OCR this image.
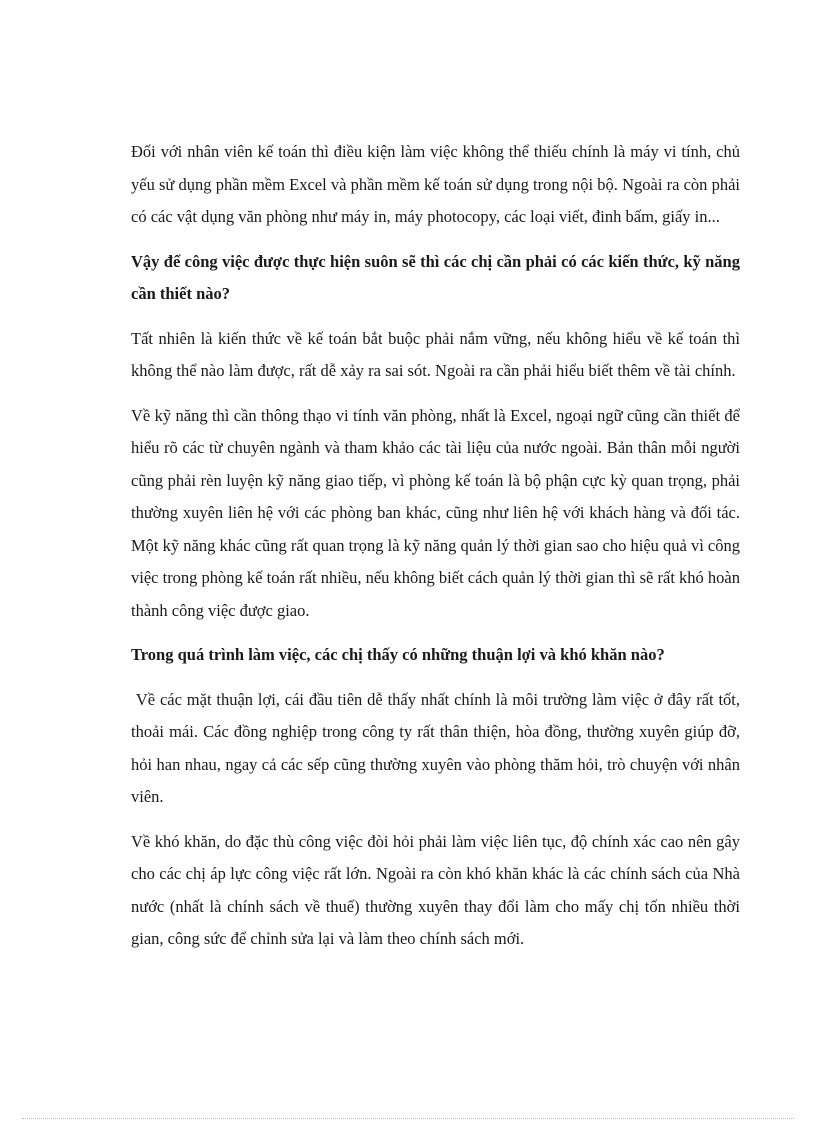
Đối với nhân viên kế toán thì điều kiện làm việc không thể thiếu chính là máy vi tính, chủ yếu sử dụng phần mềm Excel và phần mềm kế toán sử dụng trong nội bộ. Ngoài ra còn phải có các vật dụng văn phòng như máy in, máy photocopy, các loại viết, đinh bấm, giấy in...

Vậy để công việc được thực hiện suôn sẽ thì các chị cần phải có các kiến thức, kỹ năng cần thiết nào?

Tất nhiên là kiến thức về kế toán bắt buộc phải nắm vững, nếu không hiểu về kế toán thì không thể nào làm được, rất dễ xảy ra sai sót. Ngoài ra cần phải hiểu biết thêm về tài chính.

Về kỹ năng thì cần thông thạo vi tính văn phòng, nhất là Excel, ngoại ngữ cũng cần thiết để hiểu rõ các từ chuyên ngành và tham khảo các tài liệu của nước ngoài. Bản thân mỗi người cũng phải rèn luyện kỹ năng giao tiếp, vì phòng kế toán là bộ phận cực kỳ quan trọng, phải thường xuyên liên hệ với các phòng ban khác, cũng như liên hệ với khách hàng và đối tác. Một kỹ năng khác cũng rất quan trọng là kỹ năng quản lý thời gian sao cho hiệu quả vì công việc trong phòng kế toán rất nhiều, nếu không biết cách quản lý thời gian thì sẽ rất khó hoàn thành công việc được giao.

Trong quá trình làm việc, các chị thấy có những thuận lợi và khó khăn nào?

Về các mặt thuận lợi, cái đầu tiên dễ thấy nhất chính là môi trường làm việc ở đây rất tốt, thoải mái. Các đồng nghiệp trong công ty rất thân thiện, hòa đồng, thường xuyên giúp đỡ, hỏi han nhau, ngay cả các sếp cũng thường xuyên vào phòng thăm hỏi, trò chuyện với nhân viên.

Về khó khăn, do đặc thù công việc đòi hỏi phải làm việc liên tục, độ chính xác cao nên gây cho các chị áp lực công việc rất lớn. Ngoài ra còn khó khăn khác là các chính sách của Nhà nước (nhất là chính sách về thuế) thường xuyên thay đổi làm cho mấy chị tốn nhiều thời gian, công sức để chỉnh sửa lại và làm theo chính sách mới.
